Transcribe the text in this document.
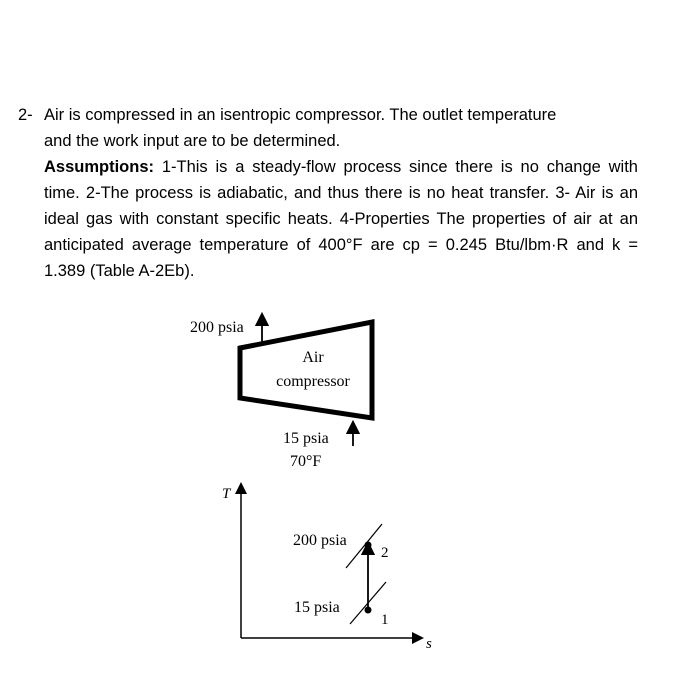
2- Air is compressed in an isentropic compressor. The outlet temperature
and the work input are to be determined.
Assumptions: 1-This is a steady-flow process since there is no change with time. 2-The process is adiabatic, and thus there is no heat transfer. 3- Air is an ideal gas with constant specific heats. 4-Properties The properties of air at an anticipated average temperature of 400°F are cp = 0.245 Btu/lbm·R and k = 1.389 (Table A-2Eb).
200 psia
Air
compressor
15 psia
70°F
T
s
200 psia
15 psia
2
1
